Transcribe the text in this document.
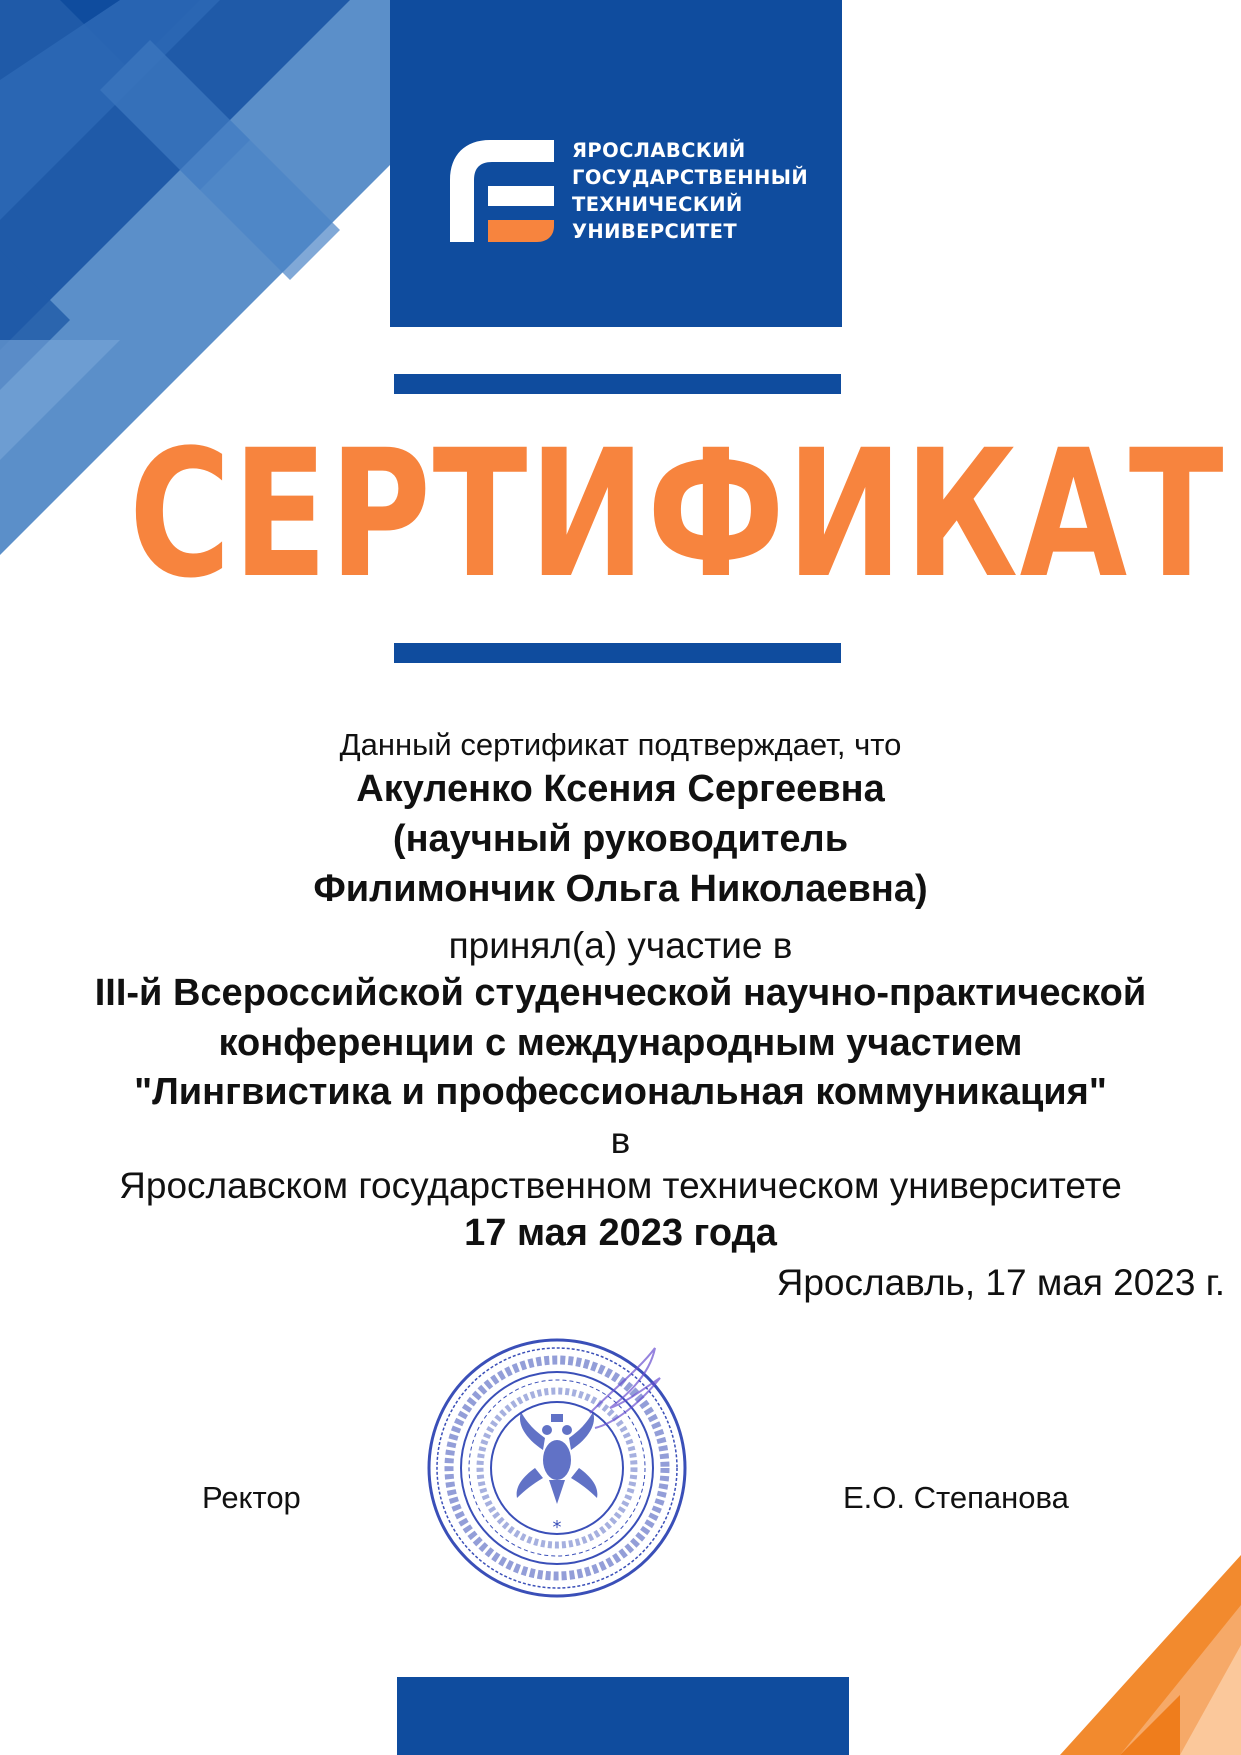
ЯРОСЛАВСКИЙ
ГОСУДАРСТВЕННЫЙ
ТЕХНИЧЕСКИЙ
УНИВЕРСИТЕТ
СЕРТИФИКАТ
Данный сертификат подтверждает, что
Акуленко Ксения Сергеевна
(научный руководитель
Филимончик Ольга Николаевна)
принял(а) участие в
III-й Всероссийской студенческой научно-практической
конференции с международным участием
"Лингвистика и профессиональная коммуникация"
в
Ярославском государственном техническом университете
17 мая 2023 года
Ярославль, 17 мая 2023 г.
Ректор
*
Е.О. Степанова
